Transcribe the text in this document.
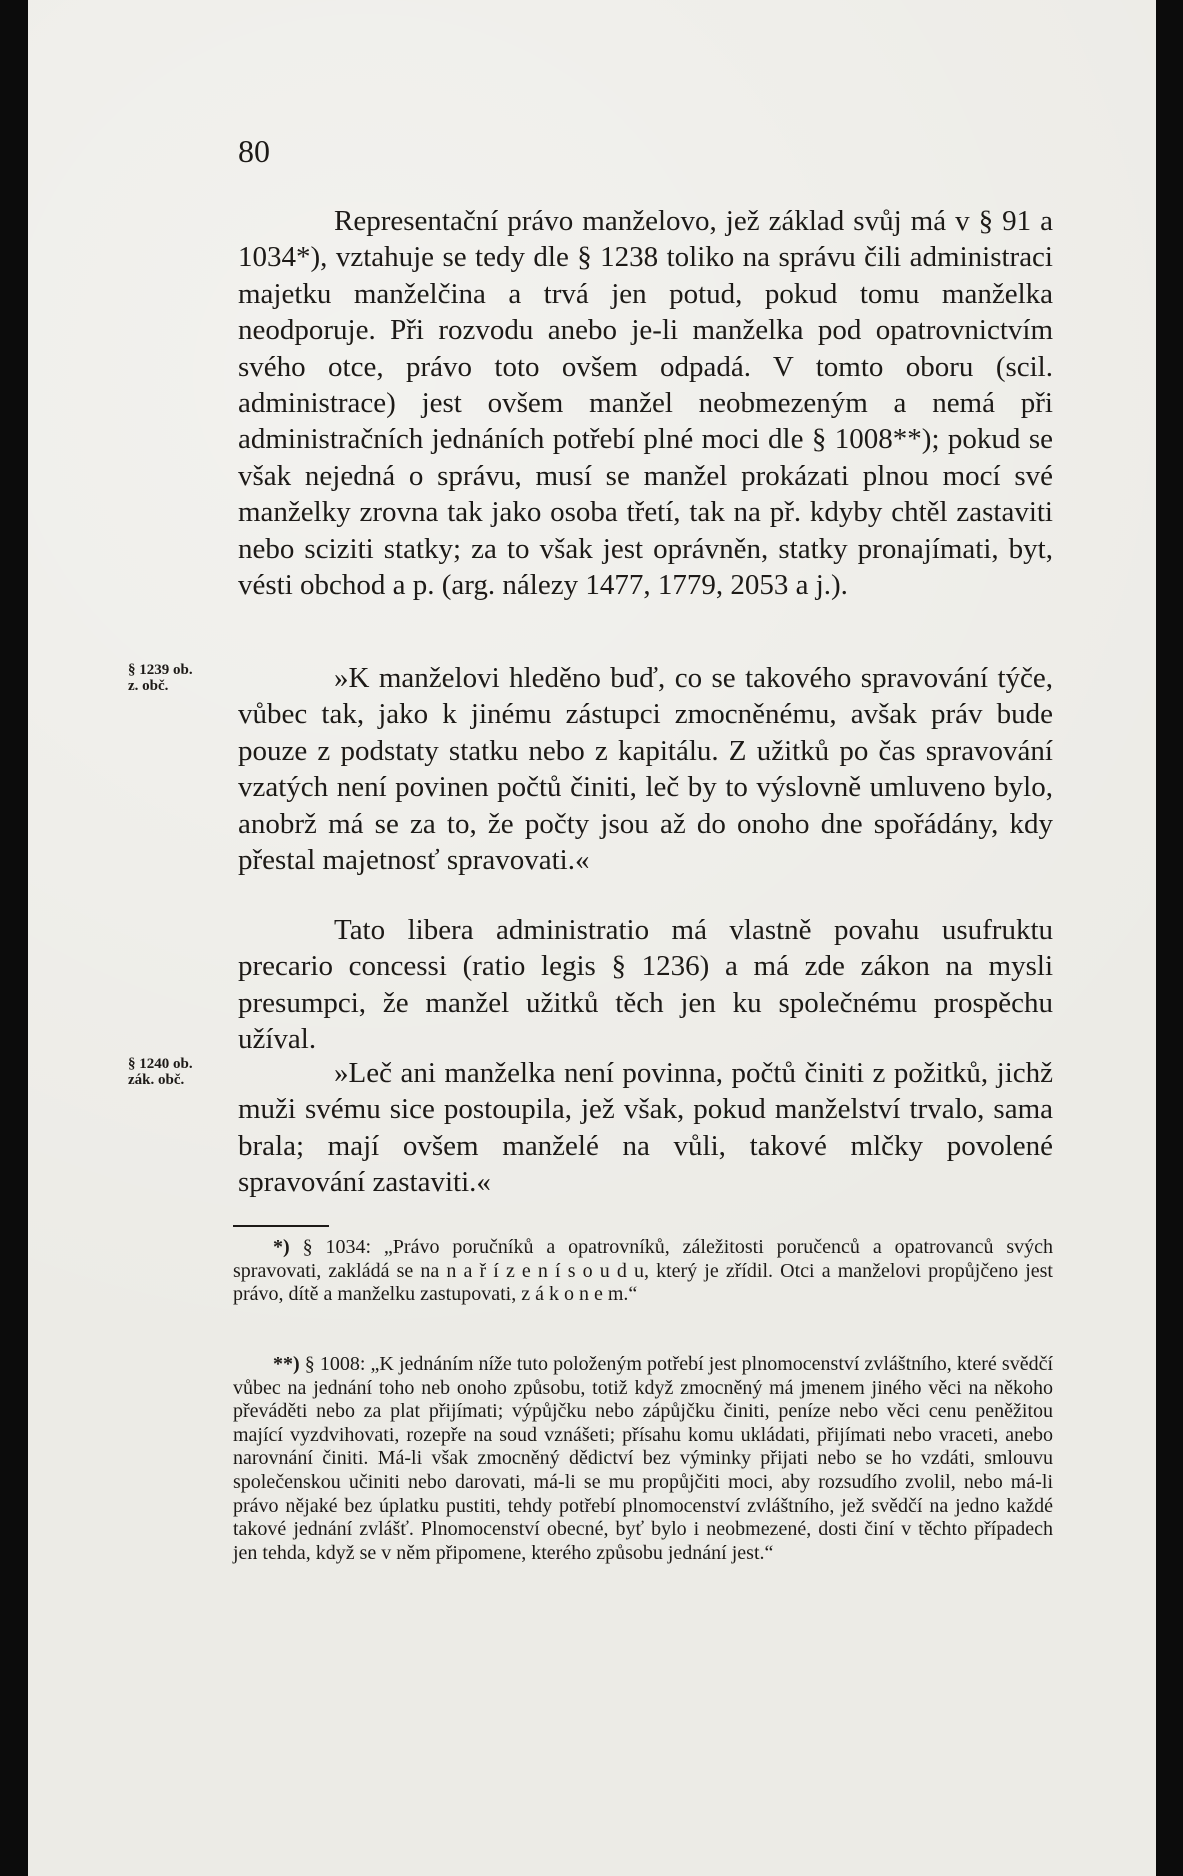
80
§ 1239 ob.
z. obč.
§ 1240 ob.
zák. obč.

Representační právo manželovo, jež základ svůj má v § 91 a 1034*), vztahuje se tedy dle § 1238 toliko na správu čili administraci majetku manželčina a trvá jen potud, pokud tomu manželka neodporuje. Při rozvodu anebo je-li manželka pod opatrovnictvím svého otce, právo toto ovšem odpadá. V tomto oboru (scil. administrace) jest ovšem manžel neobmezeným a nemá při administračních jednáních potřebí plné moci dle § 1008**); pokud se však nejedná o správu, musí se manžel prokázati plnou mocí své manželky zrovna tak jako osoba třetí, tak na př. kdyby chtěl zastaviti nebo sciziti statky; za to však jest oprávněn, statky pronajímati, byt, vésti obchod a p. (arg. nálezy 1477, 1779, 2053 a j.).

»K manželovi hleděno buď, co se takového spravování týče, vůbec tak, jako k jinému zástupci zmocněnému, avšak práv bude pouze z podstaty statku nebo z kapitálu. Z užitků po čas spravování vzatých není povinen počtů činiti, leč by to výslovně umluveno bylo, anobrž má se za to, že počty jsou až do onoho dne spořádány, kdy přestal majetnosť spravovati.«

Tato libera administratio má vlastně povahu usufruktu precario concessi (ratio legis § 1236) a má zde zákon na mysli presumpci, že manžel užitků těch jen ku společnému prospěchu užíval.

»Leč ani manželka není povinna, počtů činiti z požitků, jichž muži svému sice postoupila, jež však, pokud manželství trvalo, sama brala; mají ovšem manželé na vůli, takové mlčky povolené spravování zastaviti.«

*) § 1034: „Právo poručníků a opatrovníků, záležitosti poručenců a opatrovanců svých spravovati, zakládá se na n a ř í z e n í s o u d u, který je zřídil. Otci a manželovi propůjčeno jest právo, dítě a manželku zastupovati, z á k o n e m.“

**) § 1008: „K jednáním níže tuto položeným potřebí jest plnomocenství zvláštního, které svědčí vůbec na jednání toho neb onoho způsobu, totiž když zmocněný má jmenem jiného věci na někoho převáděti nebo za plat přijímati; výpůjčku nebo zápůjčku činiti, peníze nebo věci cenu peněžitou mající vyzdvihovati, rozepře na soud vznášeti; přísahu komu ukládati, přijímati nebo vraceti, anebo narovnání činiti. Má-li však zmocněný dědictví bez výminky přijati nebo se ho vzdáti, smlouvu společenskou učiniti nebo darovati, má-li se mu propůjčiti moci, aby rozsudího zvolil, nebo má-li právo nějaké bez úplatku pustiti, tehdy potřebí plnomocenství zvláštního, jež svědčí na jedno každé takové jednání zvlášť. Plnomocenství obecné, byť bylo i neobmezené, dosti činí v těchto případech jen tehda, když se v něm připomene, kterého způsobu jednání jest.“
